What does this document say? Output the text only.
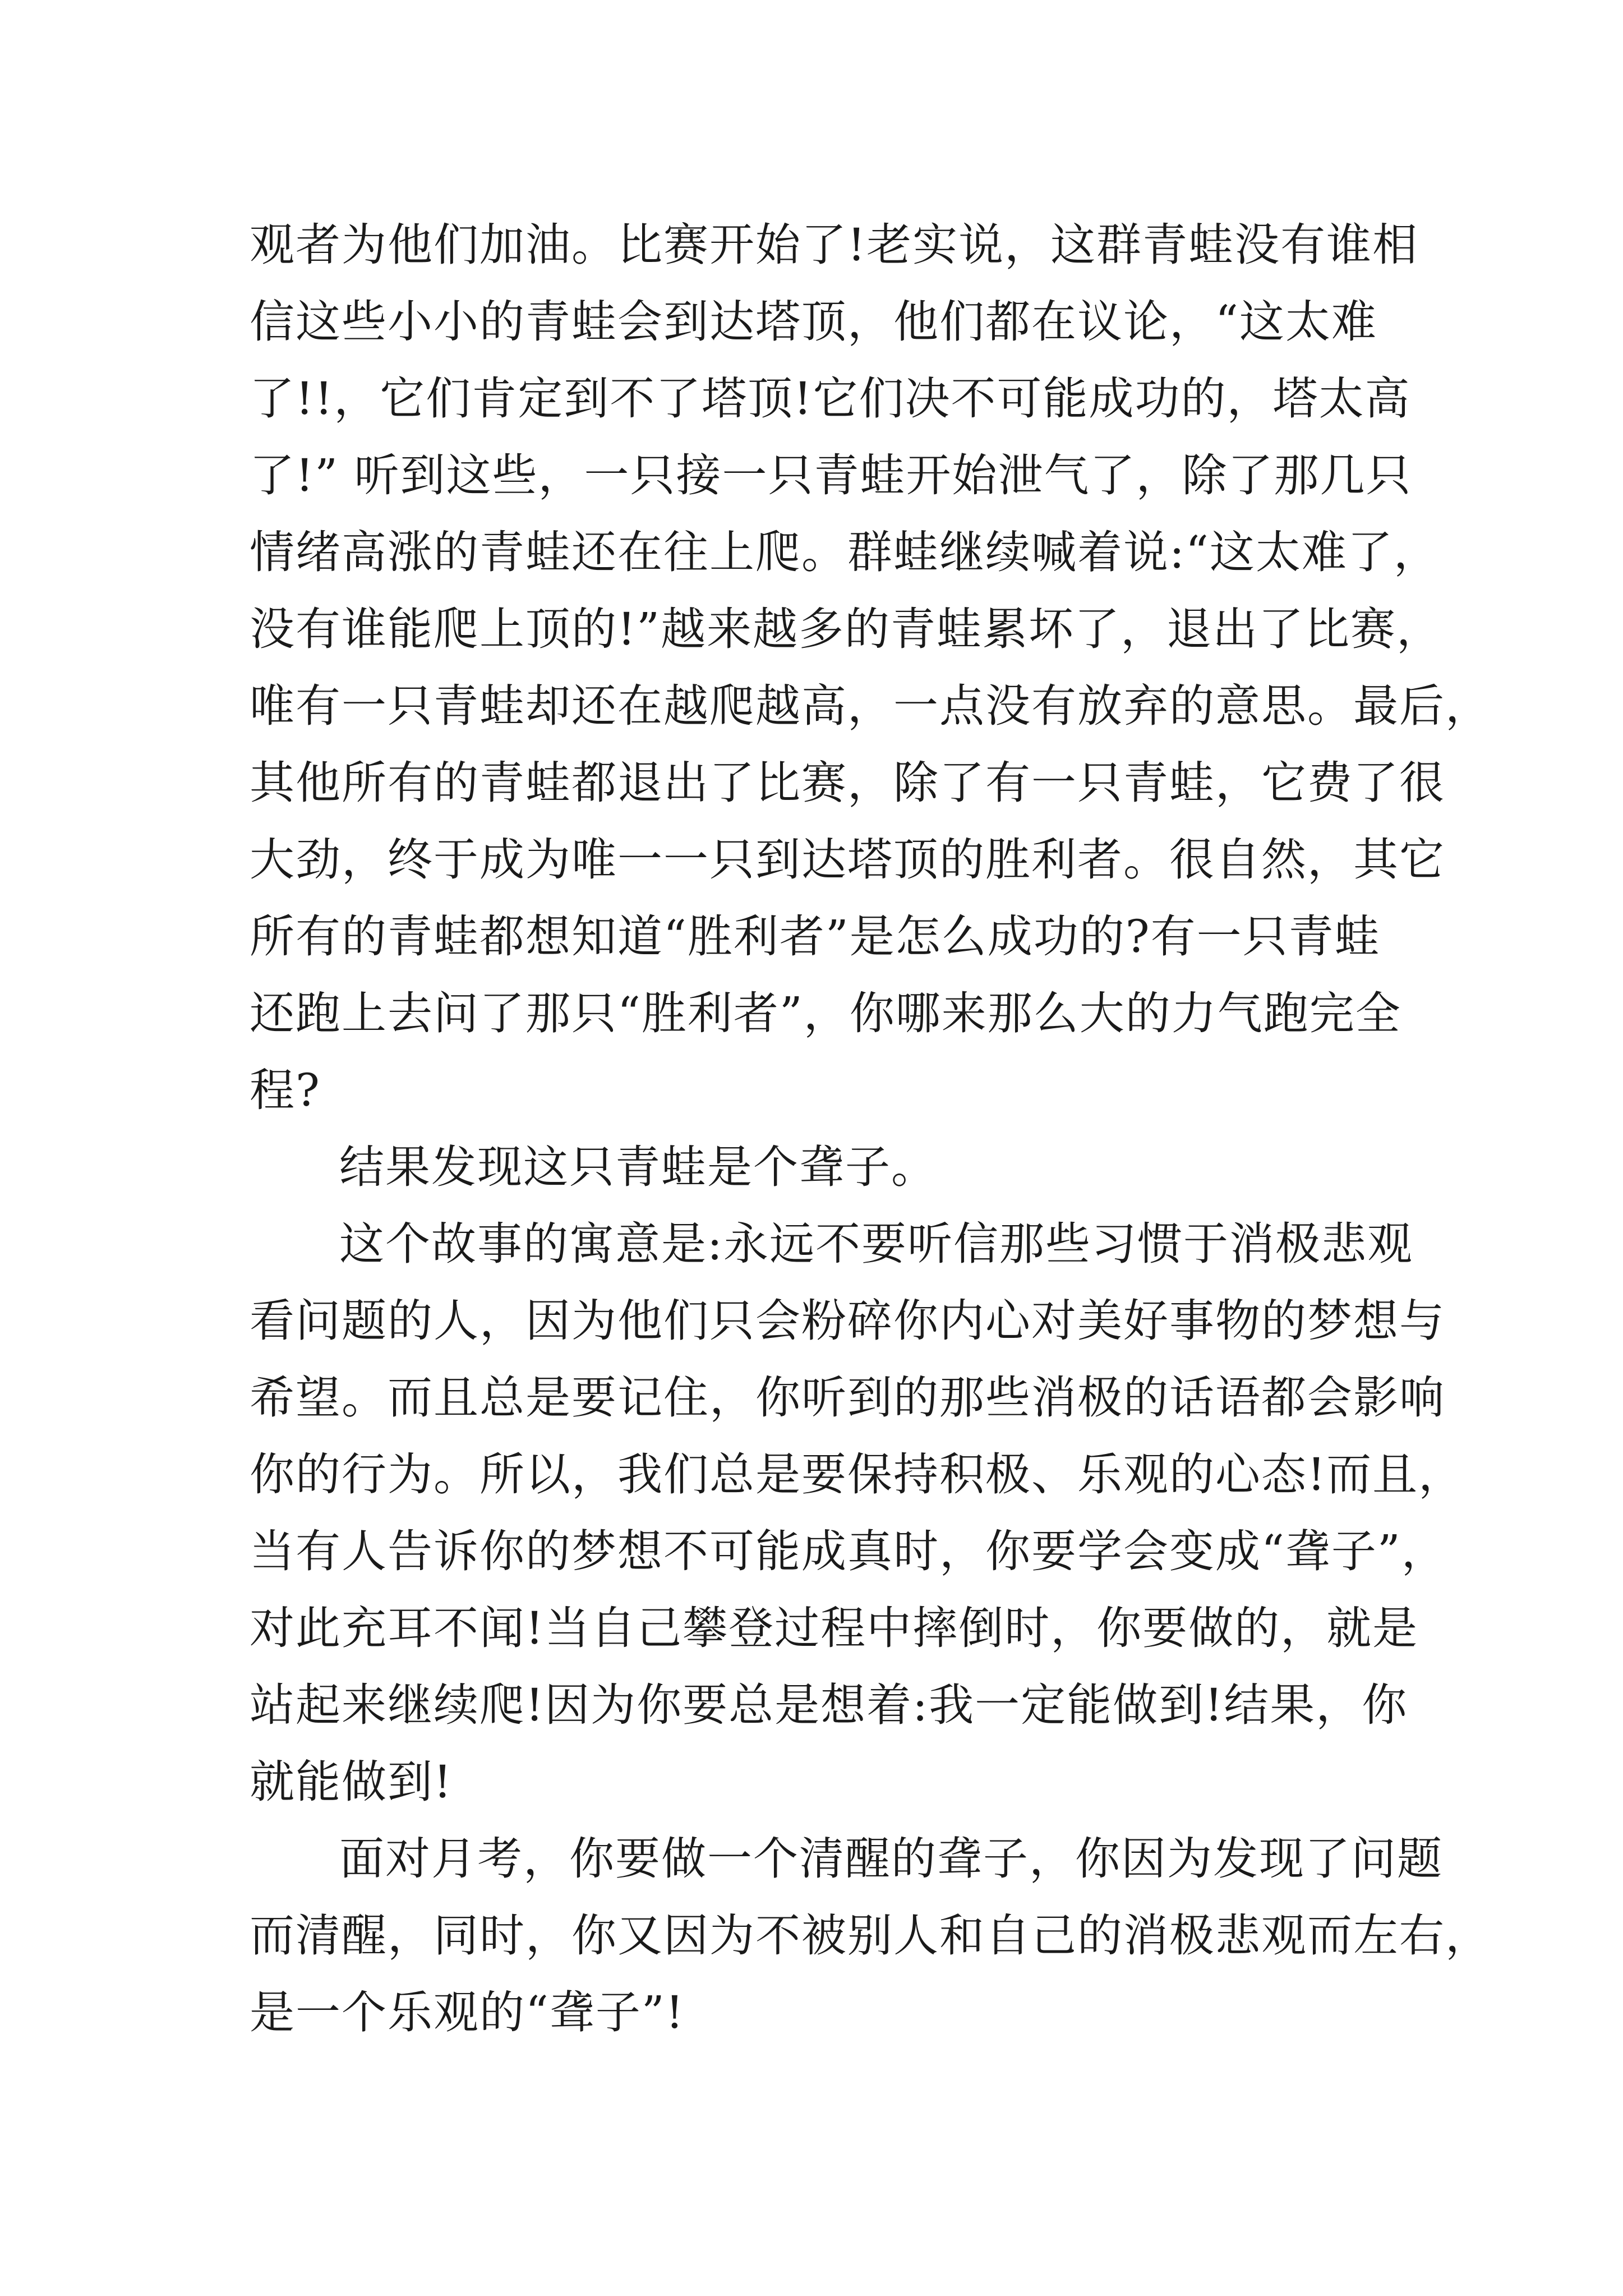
观者为他们加油。比赛开始了!老实说，这群青蛙没有谁相
信这些小小的青蛙会到达塔顶，他们都在议论，“这太难
了!!，它们肯定到不了塔顶!它们决不可能成功的，塔太高
了!” 听到这些，一只接一只青蛙开始泄气了，除了那几只
情绪高涨的青蛙还在往上爬。群蛙继续喊着说:“这太难了，
没有谁能爬上顶的!”越来越多的青蛙累坏了，退出了比赛，
唯有一只青蛙却还在越爬越高，一点没有放弃的意思。最后，
其他所有的青蛙都退出了比赛，除了有一只青蛙，它费了很
大劲，终于成为唯一一只到达塔顶的胜利者。很自然，其它
所有的青蛙都想知道“胜利者”是怎么成功的?有一只青蛙
还跑上去问了那只“胜利者”，你哪来那么大的力气跑完全
程?
结果发现这只青蛙是个聋子。
这个故事的寓意是:永远不要听信那些习惯于消极悲观
看问题的人，因为他们只会粉碎你内心对美好事物的梦想与
希望。而且总是要记住，你听到的那些消极的话语都会影响
你的行为。所以，我们总是要保持积极、乐观的心态!而且，
当有人告诉你的梦想不可能成真时，你要学会变成“聋子”，
对此充耳不闻!当自己攀登过程中摔倒时，你要做的，就是
站起来继续爬!因为你要总是想着:我一定能做到!结果，你
就能做到!
面对月考，你要做一个清醒的聋子，你因为发现了问题
而清醒，同时，你又因为不被别人和自己的消极悲观而左右，
是一个乐观的“聋子”!
